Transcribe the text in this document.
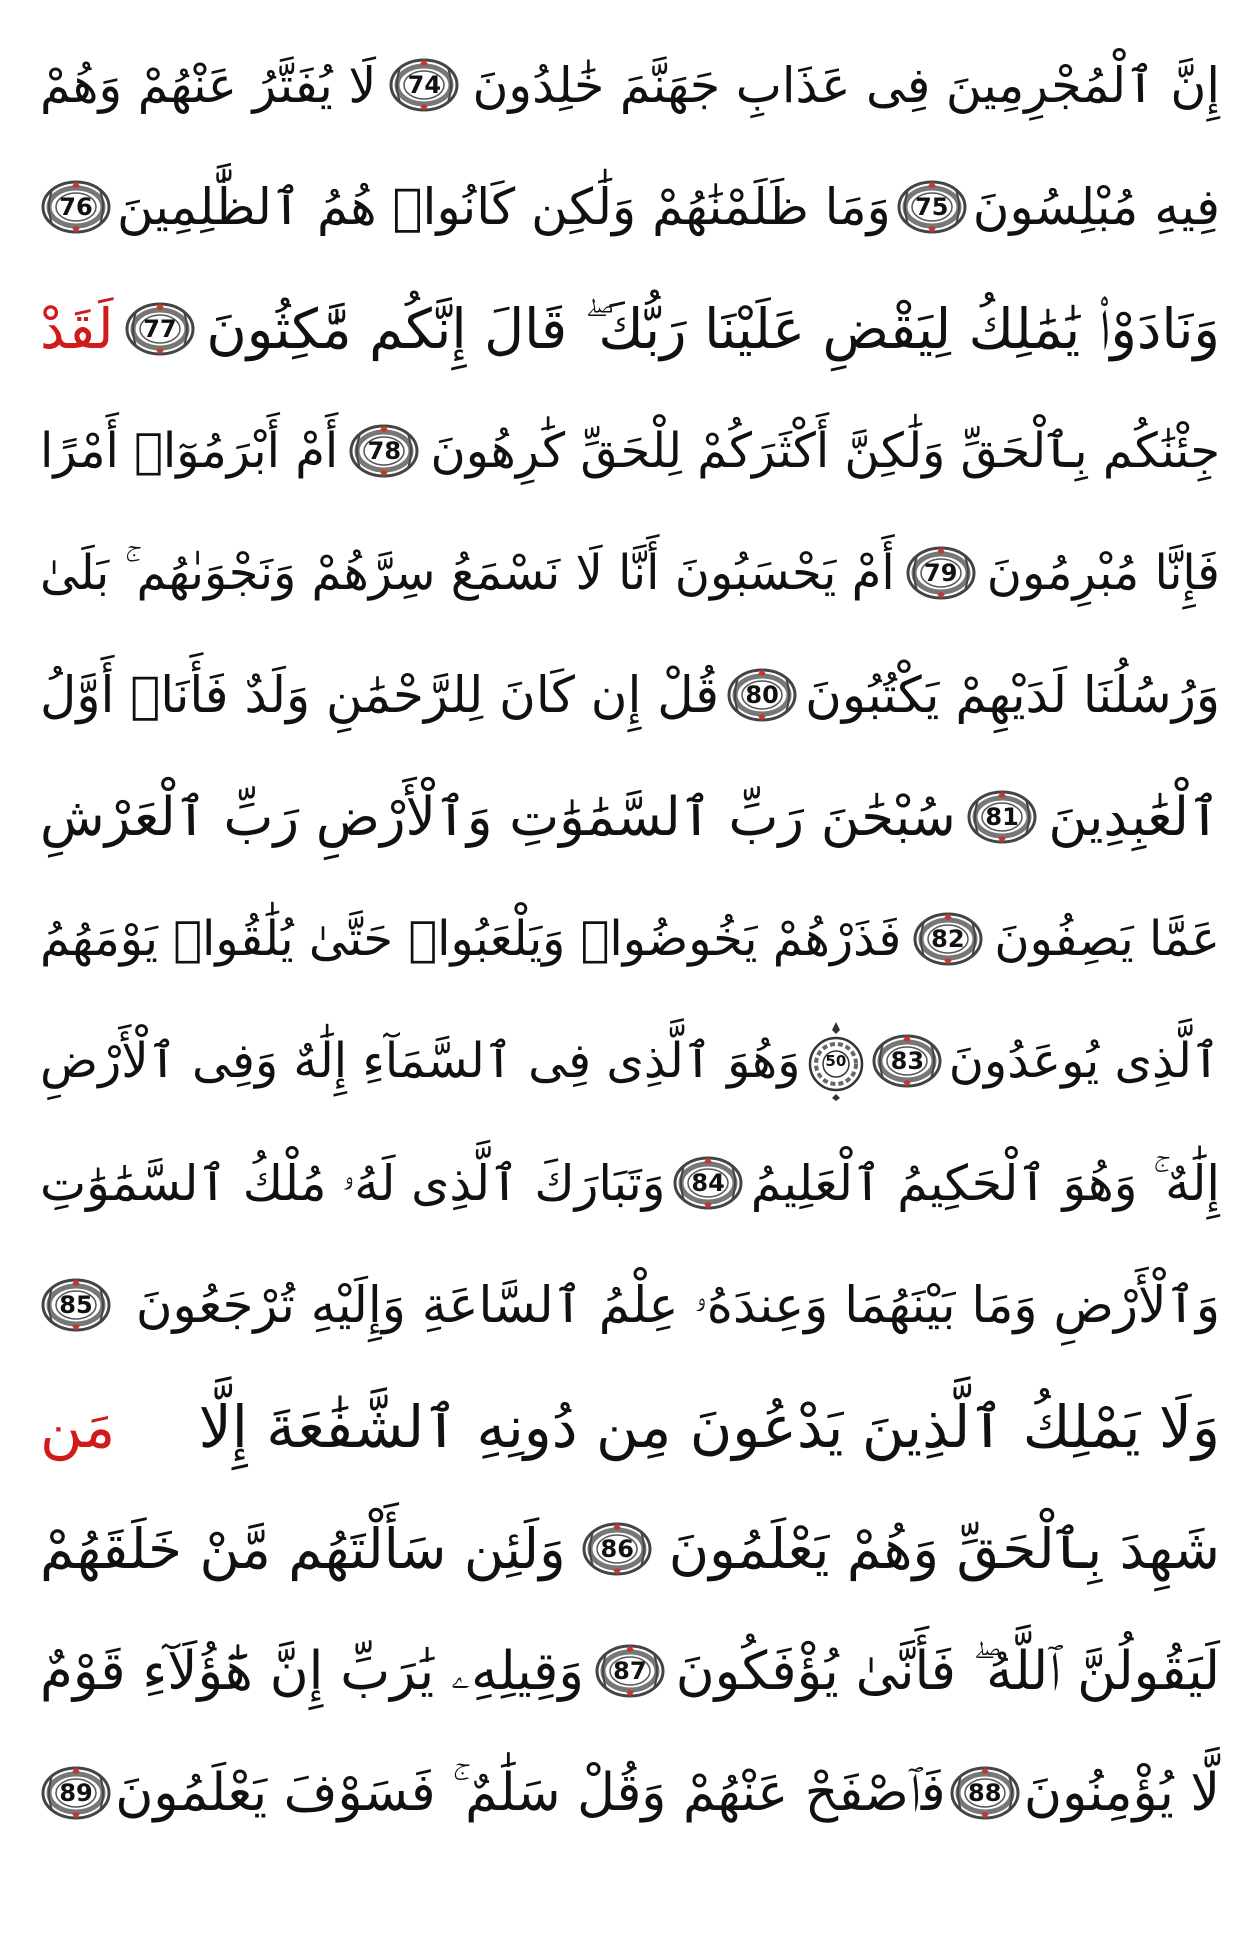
إِنَّ ٱلْمُجْرِمِينَ فِى عَذَابِ جَهَنَّمَ خَٰلِدُونَ
74
لَا يُفَتَّرُ عَنْهُمْ وَهُمْ
فِيهِ مُبْلِسُونَ
75
وَمَا ظَلَمْنَٰهُمْ وَلَٰكِن كَانُوا۟ هُمُ ٱلظَّٰلِمِينَ
76
وَنَادَوْا۟ يَٰمَٰلِكُ لِيَقْضِ عَلَيْنَا رَبُّكَ ۖ قَالَ إِنَّكُم مَّٰكِثُونَ
77
لَقَدْ
جِئْنَٰكُم بِٱلْحَقِّ وَلَٰكِنَّ أَكْثَرَكُمْ لِلْحَقِّ كَٰرِهُونَ
78
أَمْ أَبْرَمُوٓا۟ أَمْرًا
فَإِنَّا مُبْرِمُونَ
79
أَمْ يَحْسَبُونَ أَنَّا لَا نَسْمَعُ سِرَّهُمْ وَنَجْوَىٰهُم ۚ بَلَىٰ
وَرُسُلُنَا لَدَيْهِمْ يَكْتُبُونَ
80
قُلْ إِن كَانَ لِلرَّحْمَٰنِ وَلَدٌ فَأَنَا۠ أَوَّلُ
ٱلْعَٰبِدِينَ
81
سُبْحَٰنَ رَبِّ ٱلسَّمَٰوَٰتِ وَٱلْأَرْضِ رَبِّ ٱلْعَرْشِ
عَمَّا يَصِفُونَ
82
فَذَرْهُمْ يَخُوضُوا۟ وَيَلْعَبُوا۟ حَتَّىٰ يُلَٰقُوا۟ يَوْمَهُمُ
ٱلَّذِى يُوعَدُونَ
83
50
وَهُوَ ٱلَّذِى فِى ٱلسَّمَآءِ إِلَٰهٌ وَفِى ٱلْأَرْضِ
إِلَٰهٌ ۚ وَهُوَ ٱلْحَكِيمُ ٱلْعَلِيمُ
84
وَتَبَارَكَ ٱلَّذِى لَهُۥ مُلْكُ ٱلسَّمَٰوَٰتِ
وَٱلْأَرْضِ وَمَا بَيْنَهُمَا وَعِندَهُۥ عِلْمُ ٱلسَّاعَةِ وَإِلَيْهِ تُرْجَعُونَ
85
وَلَا يَمْلِكُ ٱلَّذِينَ يَدْعُونَ مِن دُونِهِ ٱلشَّفَٰعَةَ إِلَّا
مَن
شَهِدَ بِٱلْحَقِّ وَهُمْ يَعْلَمُونَ
86
وَلَئِن سَأَلْتَهُم مَّنْ خَلَقَهُمْ
لَيَقُولُنَّ ٱللَّهُ ۖ فَأَنَّىٰ يُؤْفَكُونَ
87
وَقِيلِهِۦ يَٰرَبِّ إِنَّ هَٰٓؤُلَآءِ قَوْمٌ
لَّا يُؤْمِنُونَ
88
فَٱصْفَحْ عَنْهُمْ وَقُلْ سَلَٰمٌ ۚ فَسَوْفَ يَعْلَمُونَ
89
